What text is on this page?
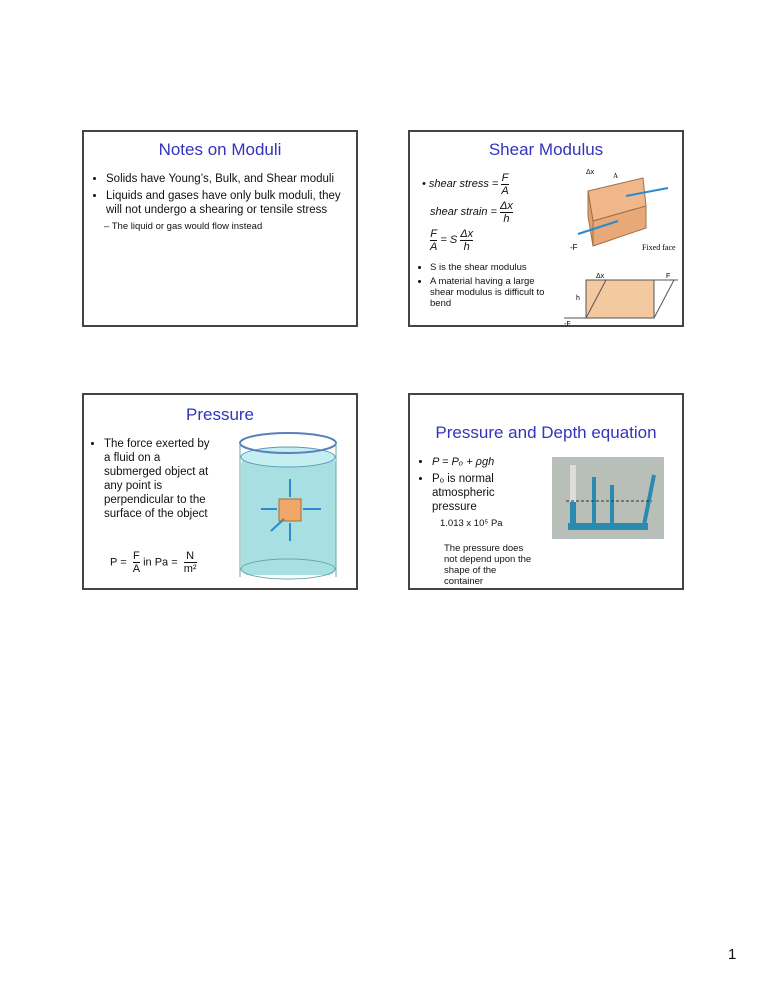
Notes on Moduli
• Solids have Young’s, Bulk, and Shear moduli
• Liquids and gases have only bulk moduli, they will not undergo a shearing or tensile stress
– The liquid or gas would flow instead
Shear Modulus
• shear stress = $\frac{F}{A}$
shear strain = $\frac{\Delta x}{h}$
$\frac{F}{A}$
= S $\frac{\Delta x}{h}$
• S is the shear modulus
• A material having a large shear modulus is difficult to bend
Δx	A
-F	Fixed face
Δx	F
h
-F
Pressure
• The force exerted by a fluid on a submerged object at any point is perpendicular to the surface of the object
$P = \frac{F}{A}$ in $Pa = \frac{N}{\text{m²}}$
Pressure and Depth equation
• P = Pₒ + ρgh
• Pₒ is normal atmospheric pressure
1.013 x 10⁵ Pa
The pressure does not depend upon the shape of the container
1
